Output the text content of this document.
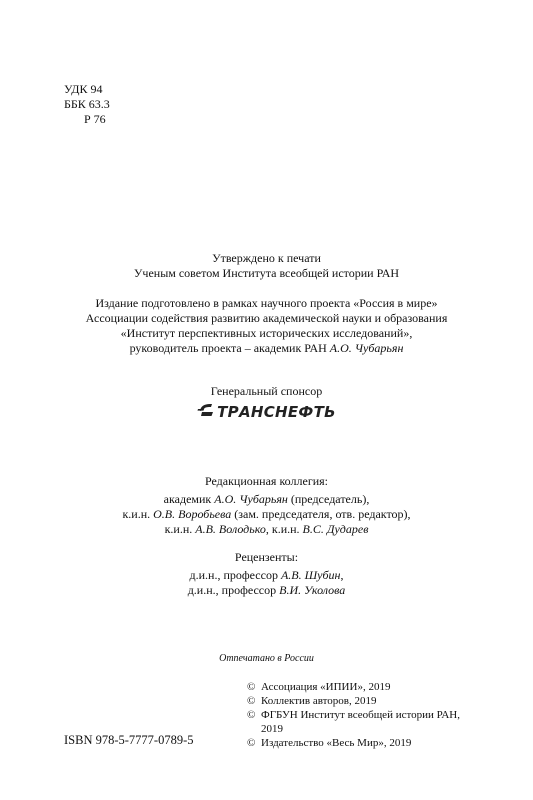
УДК 94
ББК 63.3
Р 76
Утверждено к печати
Ученым советом Института всеобщей истории РАН
Издание подготовлено в рамках научного проекта «Россия в мире»
Ассоциации содействия развитию академической науки и образования
«Институт перспективных исторических исследований»,
руководитель проекта – академик РАН А.О. Чубарьян
Генеральный спонсор
ТРАНСНЕФТЬ
Редакционная коллегия:
академик А.О. Чубарьян (председатель),
к.и.н. О.В. Воробьева (зам. председателя, отв. редактор),
к.и.н. А.В. Володько, к.и.н. В.С. Дударев
Рецензенты:
д.и.н., профессор А.В. Шубин,
д.и.н., профессор В.И. Уколова
Отпечатано в России
© Ассоциация «ИПИИ», 2019
© Коллектив авторов, 2019
© ФГБУН Институт всеобщей истории РАН,
2019
© Издательство «Весь Мир», 2019
ISBN 978-5-7777-0789-5
